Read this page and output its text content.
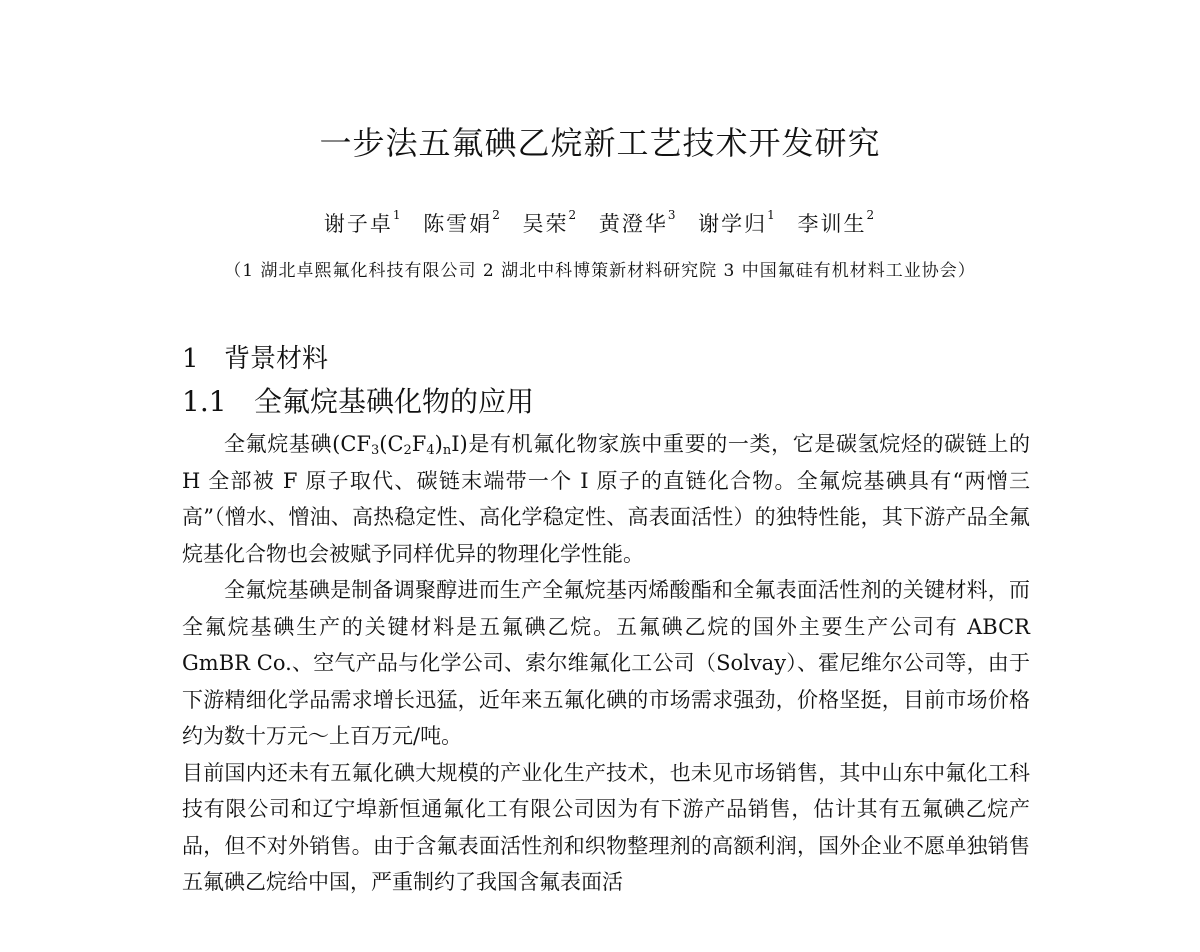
一步法五氟碘乙烷新工艺技术开发研究
谢子卓$^1$ 陈雪娟$^2$ 吴荣$^2$ 黄澄华$^3$ 谢学归$^1$ 李训生$^2$

（1 湖北卓熙氟化科技有限公司 2 湖北中科博策新材料研究院 3 中国氟硅有机材料工业协会）

1 背景材料
1.1 全氟烷基碘化物的应用

全氟烷基碘$(CF_3(C_2F_4)_nI)$是有机氟化物家族中重要的一类，它是碳氢烷烃的碳链上的 H 全部被 F 原子取代、碳链末端带一个 I 原子的直链化合物。全氟烷基碘具有“两憎三高”（憎水、憎油、高热稳定性、高化学稳定性、高表面活性）的独特性能，其下游产品全氟烷基化合物也会被赋予同样优异的物理化学性能。

全氟烷基碘是制备调聚醇进而生产全氟烷基丙烯酸酯和全氟表面活性剂的关键材料，而全氟烷基碘生产的关键材料是五氟碘乙烷。五氟碘乙烷的国外主要生产公司有 ABCR GmBR Co.、空气产品与化学公司、索尔维氟化工公司（Solvay）、霍尼维尔公司等，由于下游精细化学品需求增长迅猛，近年来五氟化碘的市场需求强劲，价格坚挺，目前市场价格约为数十万元～上百万元/吨。

目前国内还未有五氟化碘大规模的产业化生产技术，也未见市场销售，其中山东中氟化工科技有限公司和辽宁埠新恒通氟化工有限公司因为有下游产品销售，估计其有五氟碘乙烷产品，但不对外销售。由于含氟表面活性剂和织物整理剂的高额利润，国外企业不愿单独销售五氟碘乙烷给中国，严重制约了我国含氟表面活
